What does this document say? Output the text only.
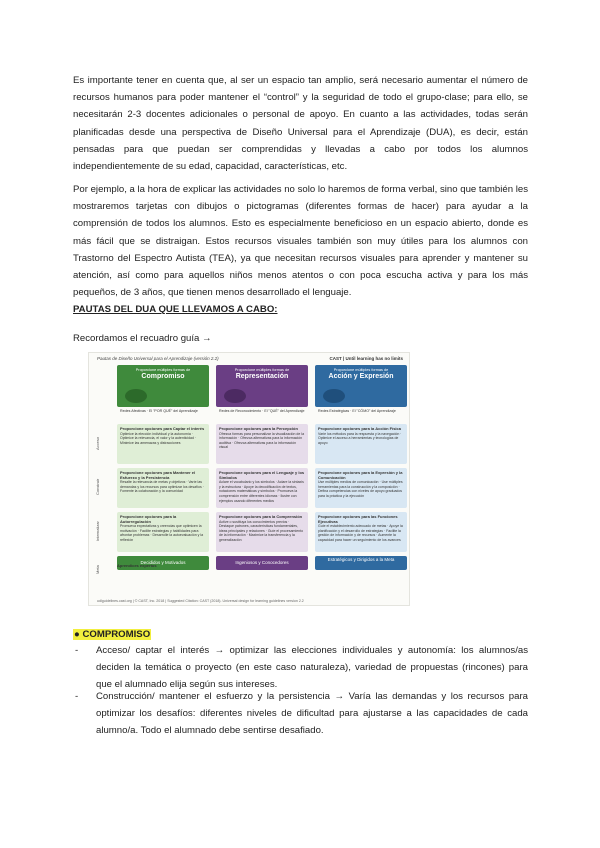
Es importante tener en cuenta que, al ser un espacio tan amplio, será necesario aumentar el número de recursos humanos para poder mantener el “control” y la seguridad de todo el grupo-clase; para ello, se necesitarán 2-3 docentes adicionales o personal de apoyo. En cuanto a las actividades, todas serán planificadas desde una perspectiva de Diseño Universal para el Aprendizaje (DUA), es decir, están pensadas para que puedan ser comprendidas y llevadas a cabo por todos los alumnos independientemente de su edad, capacidad, características, etc.
Por ejemplo, a la hora de explicar las actividades no solo lo haremos de forma verbal, sino que también les mostraremos tarjetas con dibujos o pictogramas (diferentes formas de hacer) para ayudar a la comprensión de todos los alumnos. Esto es especialmente beneficioso en un espacio abierto, donde es más fácil que se distraigan. Estos recursos visuales también son muy útiles para los alumnos con Trastorno del Espectro Autista (TEA), ya que necesitan recursos visuales para aprender y mantener su atención, así como para aquellos niños menos atentos o con poca escucha activa y para los más pequeños, de 3 años, que tienen menos desarrollado el lenguaje.
PAUTAS DEL DUA QUE LLEVAMOS A CABO:
Recordamos el recuadro guía →
Pautas de Diseño Universal para el Aprendizaje (versión 2.2)	CAST | Until learning has no limits
Acceso
Construir
Internalizar
Meta
Proporcione múltiples formas de
Compromiso
Redes Afectivas · El "POR QUÉ" del Aprendizaje
Proporcione opciones para Captar el interés
Optimice la elección individual y la autonomía · Optimice la relevancia, el valor y la autenticidad · Minimice las amenazas y distracciones
Proporcione opciones para Mantener el Esfuerzo y la Persistencia
Resalte la relevancia de metas y objetivos · Varíe las demandas y los recursos para optimizar los desafíos · Fomente la colaboración y la comunidad
Proporcione opciones para la Autorregulación
Promueva expectativas y creencias que optimicen la motivación · Facilite estrategias y habilidades para afrontar problemas · Desarrolle la autoevaluación y la reflexión
Decididos y Motivados
Proporcione múltiples formas de
Representación
Redes de Reconocimiento · El "QUÉ" del Aprendizaje
Proporcione opciones para la Percepción
Ofrezca formas para personalizar la visualización de la información · Ofrezca alternativas para la información auditiva · Ofrezca alternativas para la información visual
Proporcione opciones para el Lenguaje y los Símbolos
Aclare el vocabulario y los símbolos · Aclare la sintaxis y la estructura · Apoye la decodificación de textos, notaciones matemáticas y símbolos · Promueva la comprensión entre diferentes idiomas · Ilustre con ejemplos usando diferentes medios
Proporcione opciones para la Comprensión
Active o sustituya los conocimientos previos · Destaque patrones, características fundamentales, ideas principales y relaciones · Guíe el procesamiento de la información · Maximice la transferencia y la generalización
Ingeniosos y Conocedores
Proporcione múltiples formas de
Acción y Expresión
Redes Estratégicas · El "CÓMO" del Aprendizaje
Proporcione opciones para la Acción Física
Varíe los métodos para la respuesta y la navegación · Optimice el acceso a herramientas y tecnologías de apoyo
Proporcione opciones para la Expresión y la Comunicación
Use múltiples medios de comunicación · Use múltiples herramientas para la construcción y la composición · Defina competencias con niveles de apoyo graduados para la práctica y la ejecución
Proporcione opciones para las Funciones Ejecutivas
Guíe el establecimiento adecuado de metas · Apoye la planificación y el desarrollo de estrategias · Facilite la gestión de información y de recursos · Aumente la capacidad para hacer un seguimiento de los avances
Estratégicos y Dirigidos a la Meta
Aprendices expertos
udlguidelines.cast.org | © CAST, Inc. 2018 | Suggested Citation: CAST (2018). Universal design for learning guidelines version 2.2
● COMPROMISO
- Acceso/ captar el interés → optimizar las elecciones individuales y autonomía: los alumnos/as deciden la temática o proyecto (en este caso naturaleza), variedad de propuestas (rincones) para que el alumnado elija según sus intereses.
- Construcción/ mantener el esfuerzo y la persistencia → Varía las demandas y los recursos para optimizar los desafíos: diferentes niveles de dificultad para ajustarse a las capacidades de cada alumno/a. Todo el alumnado debe sentirse desafiado.
